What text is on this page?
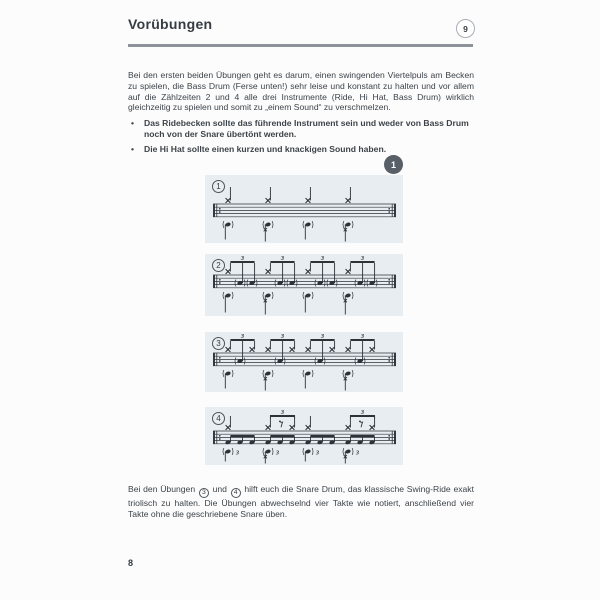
Vorübungen	9

Bei den ersten beiden Übungen geht es darum, einen swingenden Viertelpuls am Becken zu spielen, die Bass Drum (Ferse unten!) sehr leise und konstant zu halten und vor allem auf die Zählzeiten 2 und 4 alle drei Instrumente (Ride, Hi Hat, Bass Drum) wirklich gleichzeitig zu spielen und somit zu „einem Sound“ zu verschmelzen.

•	Das Ridebecken sollte das führende Instrument sein und weder von Bass Drum noch von der Snare übertönt werden.
•	Die Hi Hat sollte einen kurzen und knackigen Sound haben.
1
1
2
3	3	3	3
3
3	3	3	3
4
3
3
3	3
3
3

Bei den Übungen 3 und 4 hilft euch die Snare Drum, das klassische Swing-Ride exakt triolisch zu halten. Die Übungen abwechselnd vier Takte wie notiert, anschließend vier Takte ohne die geschriebene Snare üben.

8
